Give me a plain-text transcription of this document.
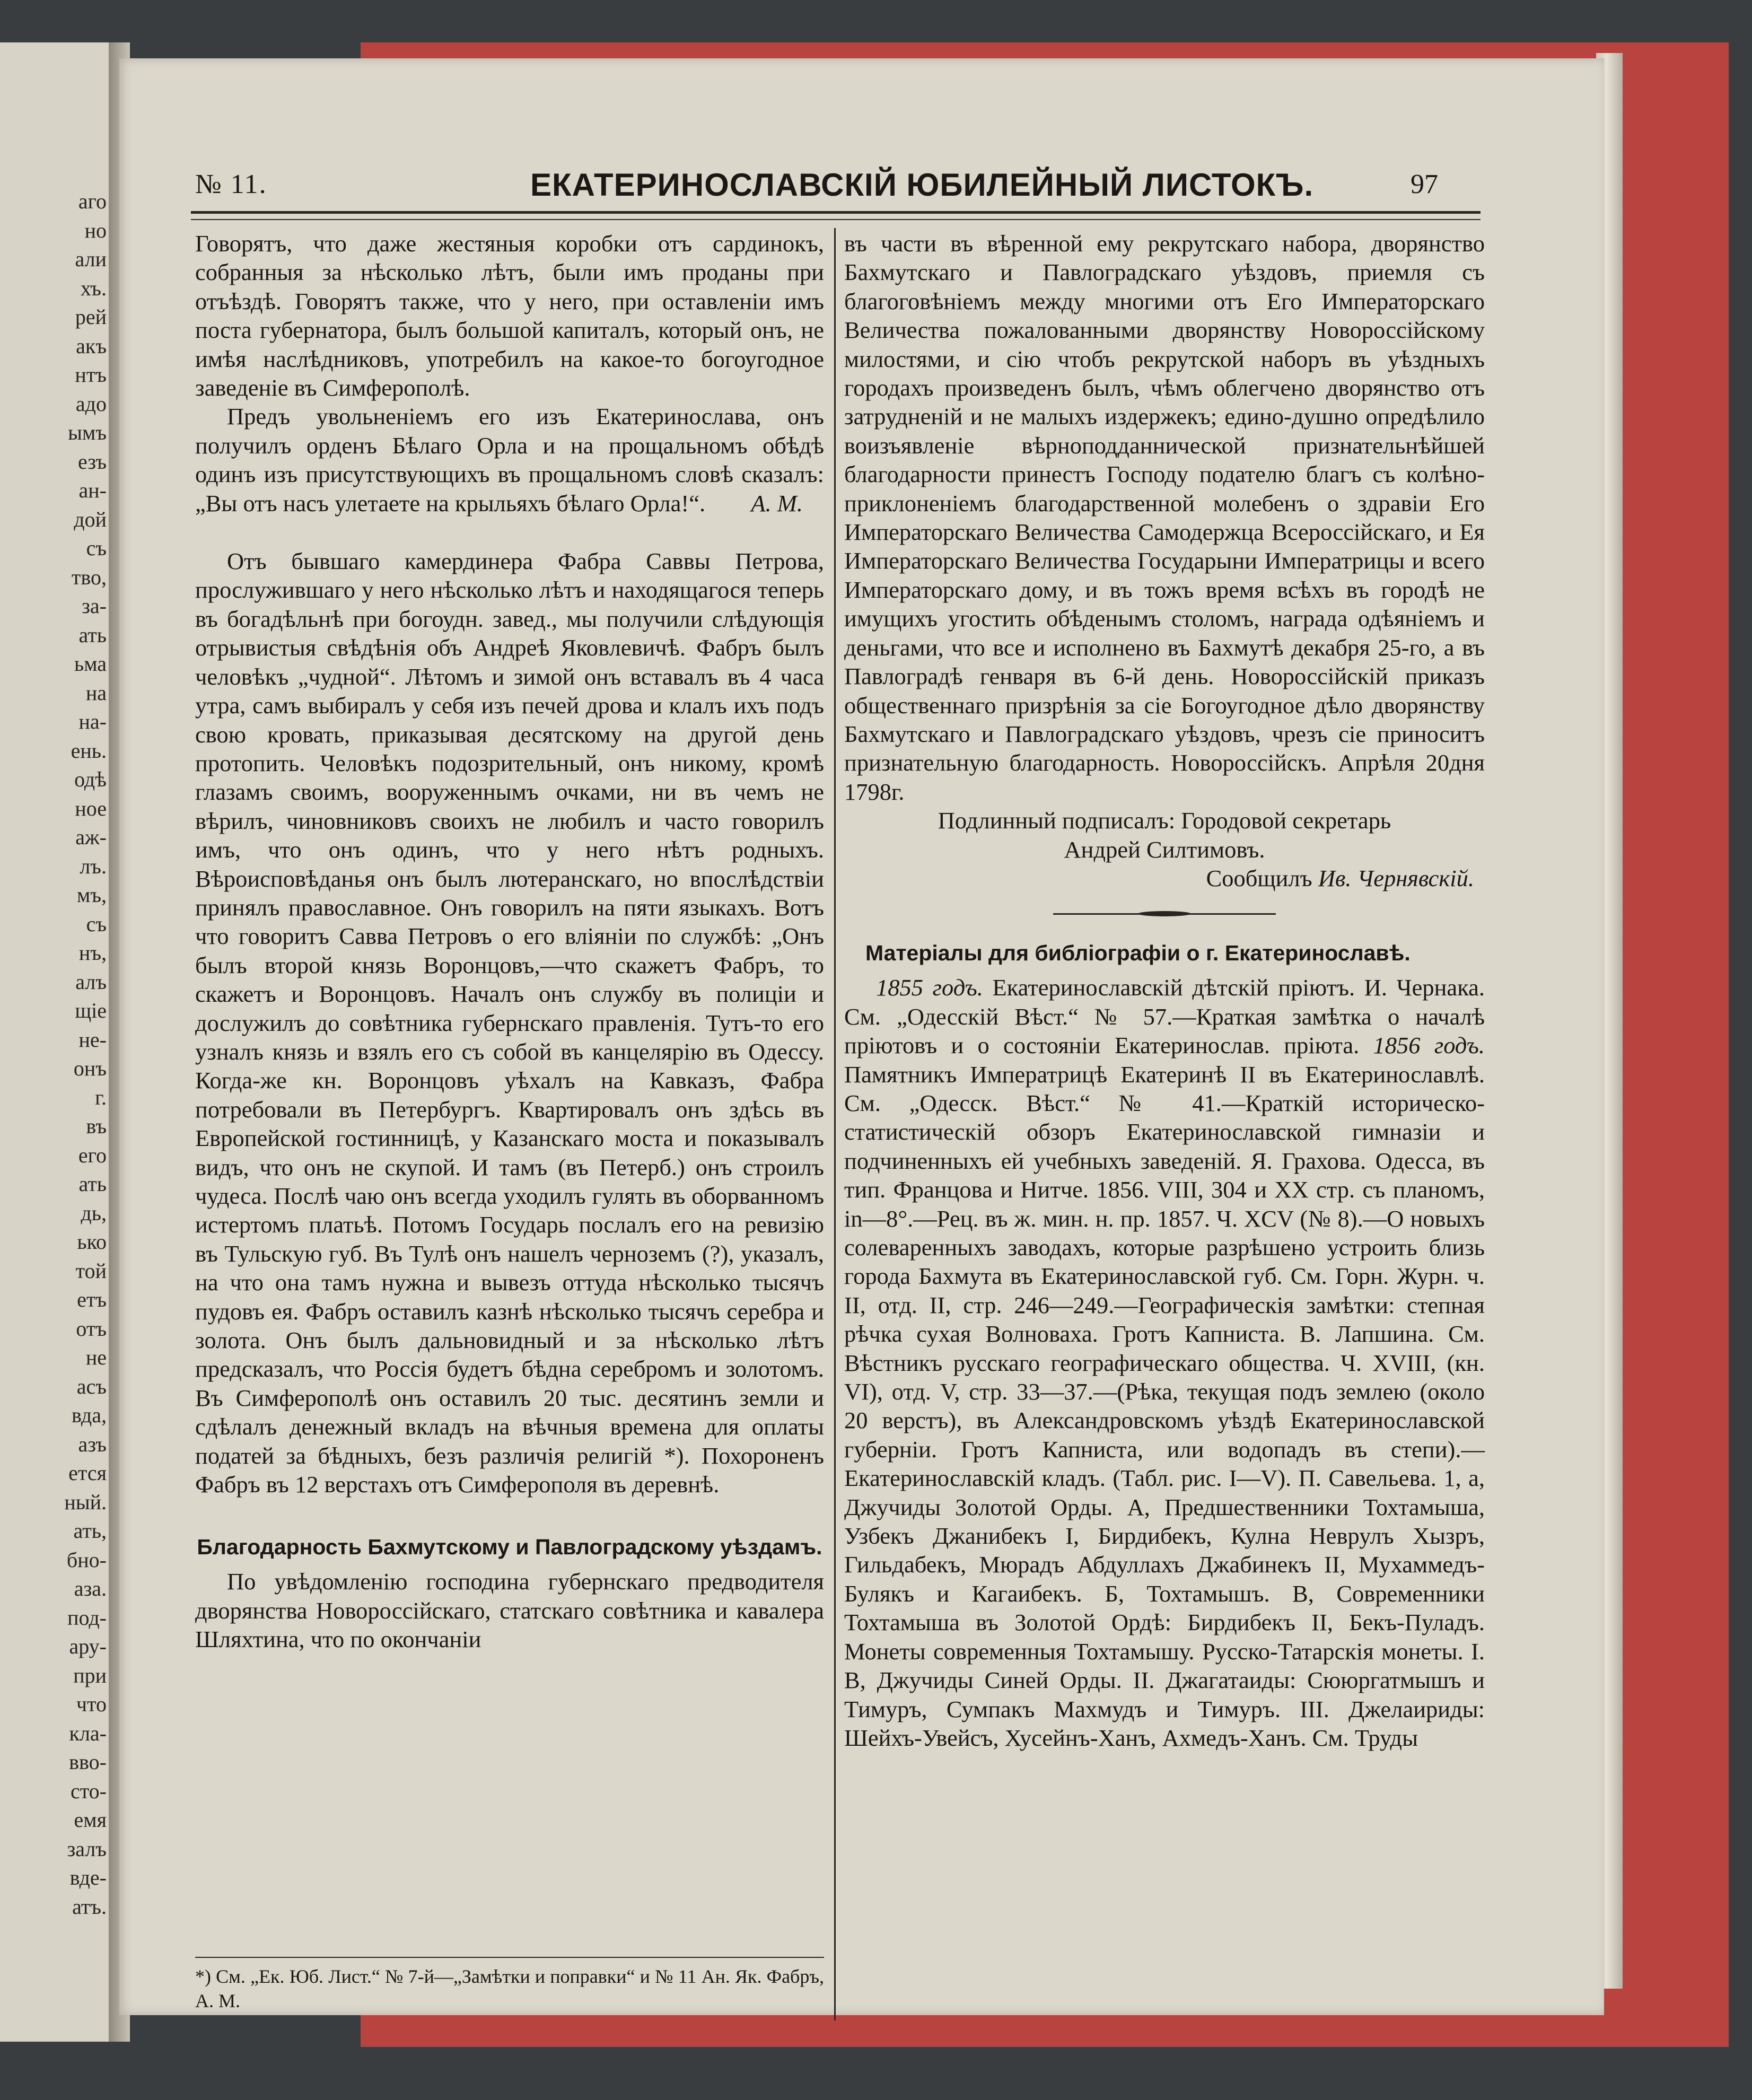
аго
но
али
хъ.
рей
акъ
нтъ
адо
ымъ
езъ
ан-
дой
съ
тво,
за-
ать
ьма
на
на-
ень.
одѣ
ное
аж-
лъ.
мъ,
съ
нъ,
алъ
щіе
не-
онъ
г.
въ
его
ать
дь,
ько
той
етъ
отъ
не
асъ
вда,
азъ
ется
ный.
ать,
бно-
аза.
под-
ару-
при
что
кла-
вво-
сто-
емя
залъ
вде-
атъ.
№ 11.	ЕКАТЕРИНОСЛАВСКІЙ ЮБИЛЕЙНЫЙ ЛИСТОКЪ.	97

Говорятъ, что даже жестяныя коробки отъ сардинокъ, собранныя за нѣсколько лѣтъ, были имъ проданы при отъѣздѣ. Говорятъ также, что у него, при оставленіи имъ поста губернатора, былъ большой капиталъ, который онъ, не имѣя наслѣдниковъ, употребилъ на какое-то богоугодное заведеніе въ Симферополѣ.

Предъ увольненіемъ его изъ Екатеринослава, онъ получилъ орденъ Бѣлаго Орла и на прощальномъ обѣдѣ одинъ изъ присутствующихъ въ прощальномъ словѣ сказалъ: „Вы отъ насъ улетаете на крыльяхъ бѣлаго Орла!“.	А. М.

Отъ бывшаго камердинера Фабра Саввы Петрова, прослужившаго у него нѣсколько лѣтъ и находящагося теперь въ богадѣльнѣ при богоудн. завед., мы получили слѣдующія отрывистыя свѣдѣнія объ Андреѣ Яковлевичѣ. Фабръ былъ человѣкъ „чудной“. Лѣтомъ и зимой онъ вставалъ въ 4 часа утра, самъ выбиралъ у себя изъ печей дрова и клалъ ихъ подъ свою кровать, приказывая десятскому на другой день протопить. Человѣкъ подозрительный, онъ никому, кромѣ глазамъ своимъ, вооруженнымъ очками, ни въ чемъ не вѣрилъ, чиновниковъ своихъ не любилъ и часто говорилъ имъ, что онъ одинъ, что у него нѣтъ родныхъ. Вѣроисповѣданья онъ былъ лютеранскаго, но впослѣдствіи принялъ православное. Онъ говорилъ на пяти языкахъ. Вотъ что говоритъ Савва Петровъ о его вліяніи по службѣ: „Онъ былъ второй князь Воронцовъ,—что скажетъ Фабръ, то скажетъ и Воронцовъ. Началъ онъ службу въ полиціи и дослужилъ до совѣтника губернскаго правленія. Тутъ-то его узналъ князь и взялъ его съ собой въ канцелярію въ Одессу. Когда-же кн. Воронцовъ уѣхалъ на Кавказъ, Фабра потребовали въ Петербургъ. Квартировалъ онъ здѣсь въ Европейской гостинницѣ, у Казанскаго моста и показывалъ видъ, что онъ не скупой. И тамъ (въ Петерб.) онъ строилъ чудеса. Послѣ чаю онъ всегда уходилъ гулять въ оборванномъ истертомъ платьѣ. Потомъ Государь послалъ его на ревизію въ Тульскую губ. Въ Тулѣ онъ нашелъ черноземъ (?), указалъ, на что она тамъ нужна и вывезъ оттуда нѣсколько тысячъ пудовъ ея. Фабръ оставилъ казнѣ нѣсколько тысячъ серебра и золота. Онъ былъ дальновидный и за нѣсколько лѣтъ предсказалъ, что Россія будетъ бѣдна серебромъ и золотомъ. Въ Симферополѣ онъ оставилъ 20 тыс. десятинъ земли и сдѣлалъ денежный вкладъ на вѣчныя времена для оплаты податей за бѣдныхъ, безъ различія религій *). Похороненъ Фабръ въ 12 верстахъ отъ Симферополя въ деревнѣ.

Благодарность Бахмутскому и Павлоградскому уѣздамъ.

По увѣдомленію господина губернскаго предводителя дворянства Новороссійскаго, статскаго совѣтника и кавалера Шляхтина, что по окончаніи

*) См. „Ек. Юб. Лист.“ № 7-й—„Замѣтки и поправки“ и № 11 Ан. Як. Фабръ, А. М.

въ части въ вѣренной ему рекрутскаго набора, дворянство Бахмутскаго и Павлоградскаго уѣздовъ, приемля съ благоговѣніемъ между многими отъ Его Императорскаго Величества пожалованными дворянству Новороссійскому милостями, и сію чтобъ рекрутской наборъ въ уѣздныхъ городахъ произведенъ былъ, чѣмъ облегчено дворянство отъ затрудненій и не малыхъ издержекъ; едино-душно опредѣлило воизъявленіе вѣрноподданнической признательнѣйшей благодарности принестъ Господу подателю благъ съ колѣно-приклоненіемъ благодарственной молебенъ о здравіи Его Императорскаго Величества Самодержца Всероссійскаго, и Ея Императорскаго Величества Государыни Императрицы и всего Императорскаго дому, и въ тожъ время всѣхъ въ городѣ не имущихъ угостить обѣденымъ столомъ, награда одѣяніемъ и деньгами, что все и исполнено въ Бахмутѣ декабря 25-го, а въ Павлоградѣ генваря въ 6-й день. Новороссійскій приказъ общественнаго призрѣнія за сіе Богоугодное дѣло дворянству Бахмутскаго и Павлоградскаго уѣздовъ, чрезъ сіе приноситъ признательную благодарность. Новороссійскъ. Апрѣля 20дня 1798г.

Подлинный подписалъ: Городовой секретарь
Андрей Силтимовъ.
Сообщилъ Ив. Чернявскій.
Матеріалы для библіографіи о г. Екатеринославѣ.

1855 годъ. Екатеринославскій дѣтскій пріютъ. И. Чернака. См. „Одесскій Вѣст.“ № 57.—Краткая замѣтка о началѣ пріютовъ и о состояніи Екатеринослав. пріюта. 1856 годъ. Памятникъ Императрицѣ Екатеринѣ II въ Екатеринославлѣ. См. „Одесск. Вѣст.“ № 41.—Краткій историческо-статистическій обзоръ Екатеринославской гимназіи и подчиненныхъ ей учебныхъ заведеній. Я. Грахова. Одесса, въ тип. Францова и Нитче. 1856. VIII, 304 и XX стр. съ планомъ, in—8°.—Рец. въ ж. мин. н. пр. 1857. Ч. XCV (№ 8).—О новыхъ солеваренныхъ заводахъ, которые разрѣшено устроить близь города Бахмута въ Екатеринославской губ. См. Горн. Журн. ч. II, отд. II, стр. 246—249.—Географическія замѣтки: степная рѣчка сухая Волноваха. Гротъ Капниста. В. Лапшина. См. Вѣстникъ русскаго географическаго общества. Ч. XVIII, (кн. VI), отд. V, стр. 33—37.—(Рѣка, текущая подъ землею (около 20 верстъ), въ Александровскомъ уѣздѣ Екатеринославской губерніи. Гротъ Капниста, или водопадъ въ степи).—Екатеринославскій кладъ. (Табл. рис. I—V). П. Савельева. 1, а, Джучиды Золотой Орды. А, Предшественники Тохтамыша, Узбекъ Джанибекъ I, Бирдибекъ, Кулна Неврулъ Хызръ, Гильдабекъ, Мюрадъ Абдуллахъ Джабинекъ II, Мухаммедъ-Булякъ и Кагаибекъ. Б, Тохтамышъ. В, Современники Тохтамыша въ Золотой Ордѣ: Бирдибекъ II, Бекъ-Пуладъ. Монеты современныя Тохтамышу. Русско-Татарскія монеты. I. В, Джучиды Синей Орды. II. Джагатаиды: Сююргатмышъ и Тимуръ, Сумпакъ Махмудъ и Тимуръ. III. Джелаириды: Шейхъ-Увейсъ, Хусейнъ-Ханъ, Ахмедъ-Ханъ. См. Труды
